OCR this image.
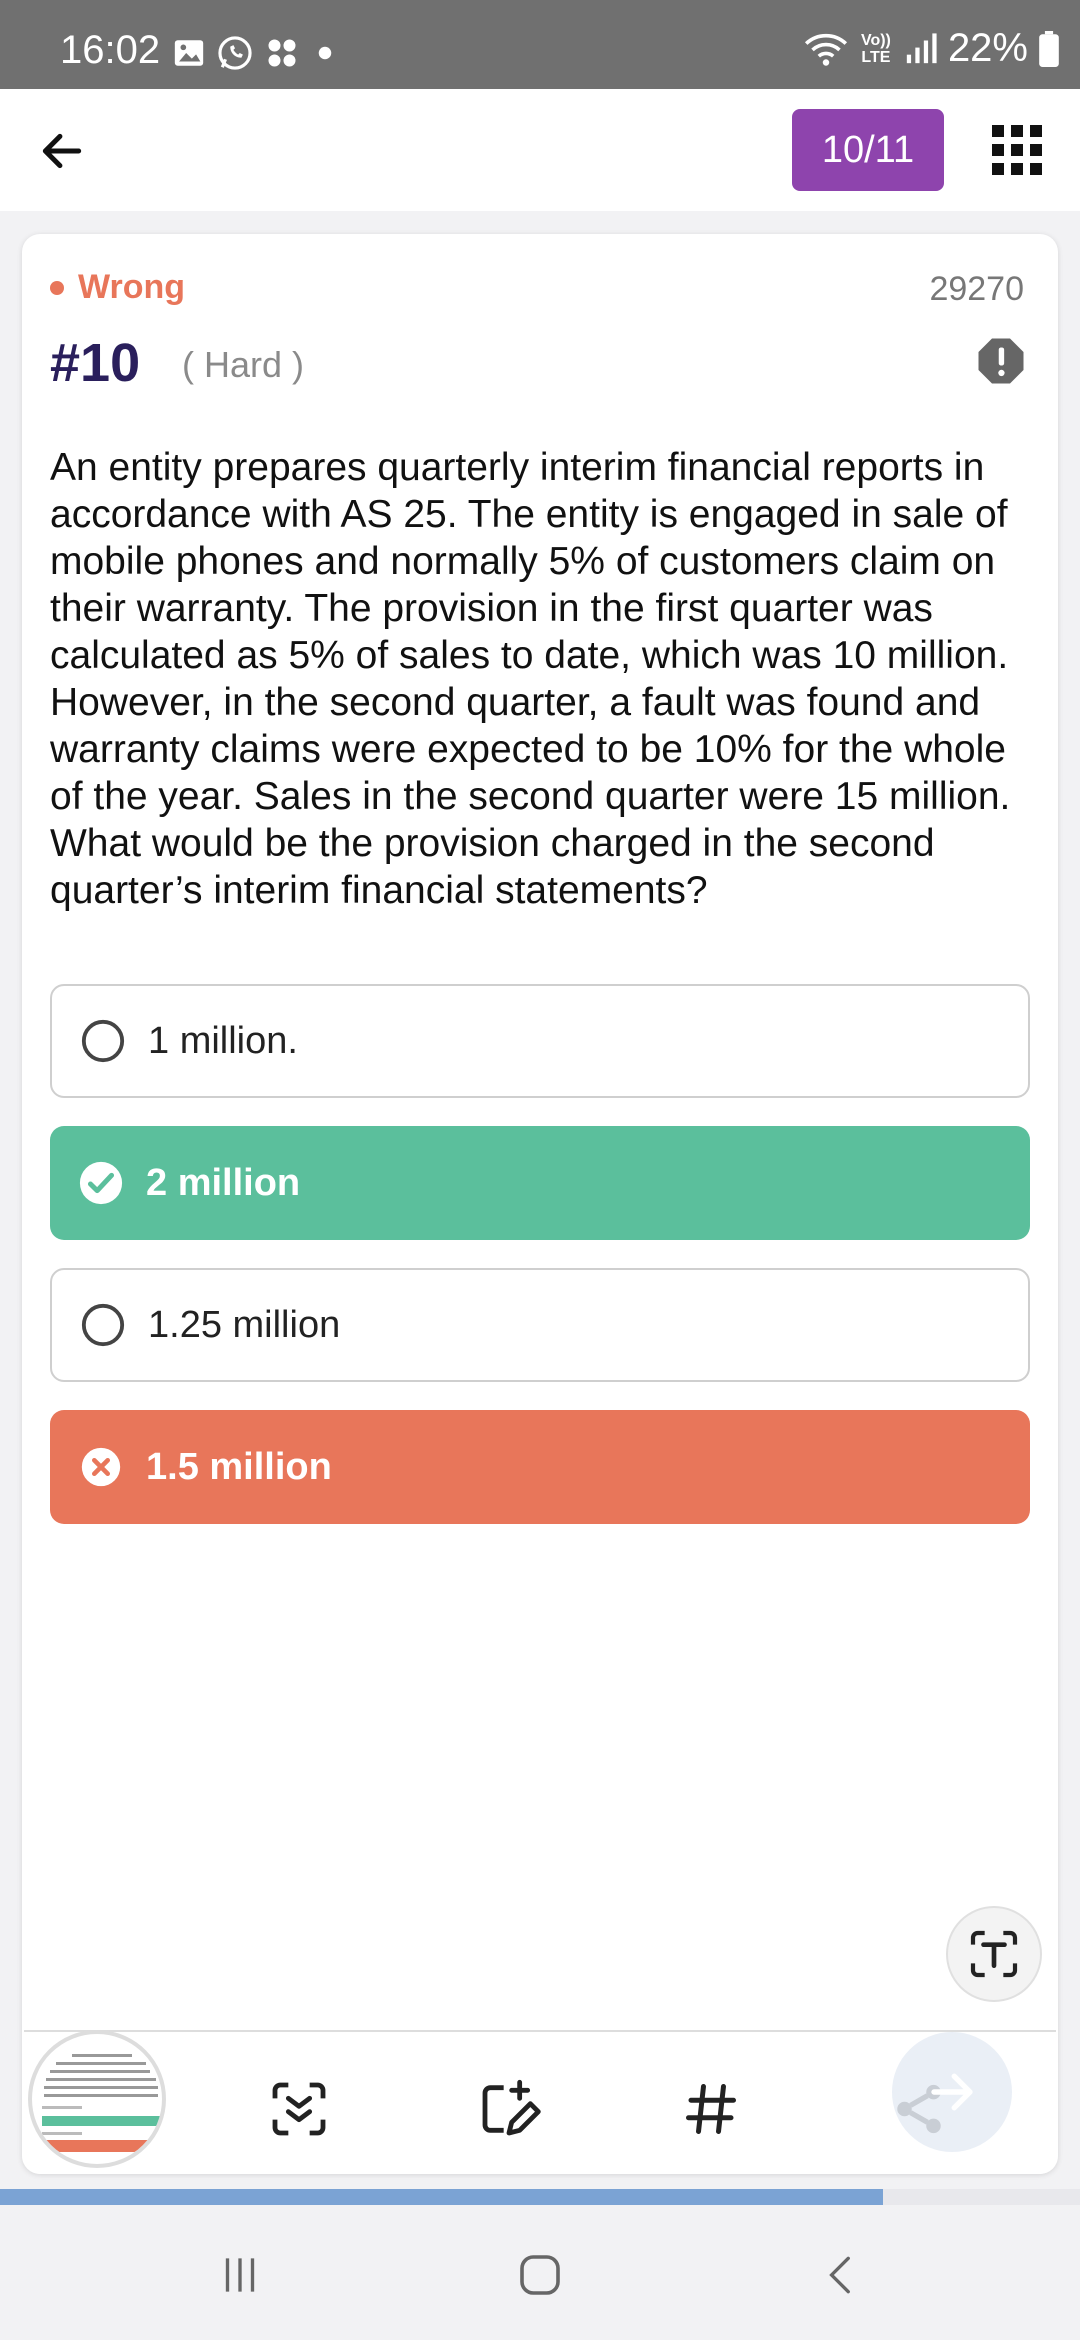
16:02	Vo)) LTE 22%
10/11
Wrong	29270
#10 ( Hard )

An entity prepares quarterly interim financial reports in accordance with AS 25. The entity is engaged in sale of mobile phones and normally 5% of customers claim on their warranty. The provision in the first quarter was calculated as 5% of sales to date, which was 10 million. However, in the second quarter, a fault was found and warranty claims were expected to be 10% for the whole of the year. Sales in the second quarter were 15 million. What would be the provision charged in the second quarter’s interim financial statements?

1 million.
2 million
1.25 million
1.5 million
